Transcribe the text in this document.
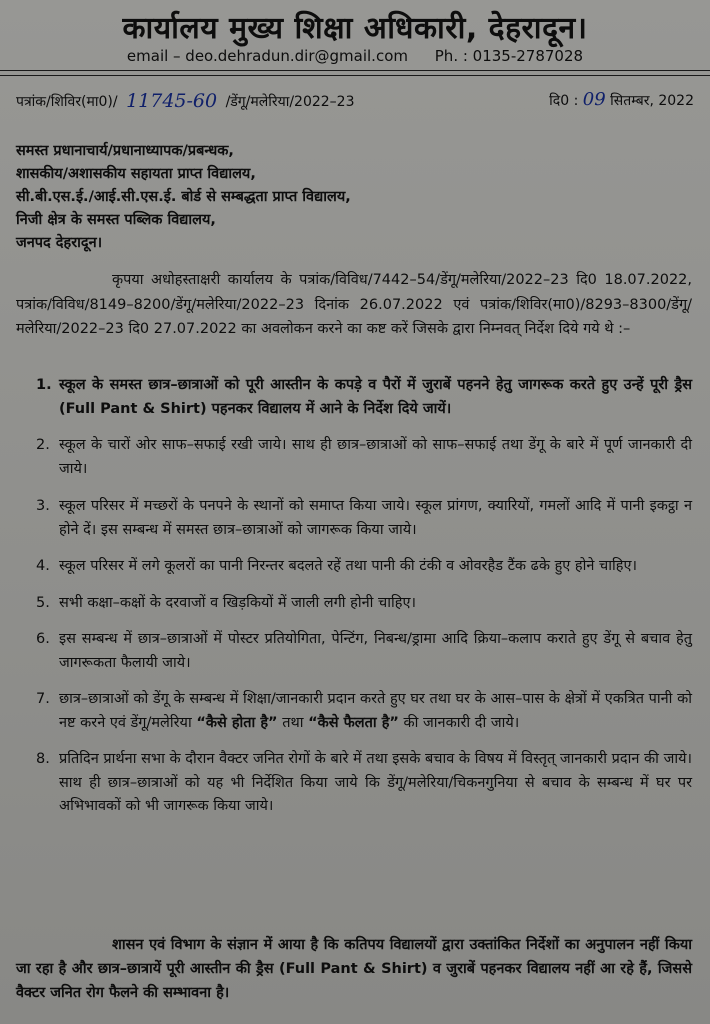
कार्यालय मुख्य शिक्षा अधिकारी, देहरादून।
email – deo.dehradun.dir@gmail.com Ph. : 0135-2787028
पत्रांक/शिविर(मा0)/ 11745-60 /डेंगू/मलेरिया/2022–23	दि0 : 09 सितम्बर, 2022
समस्त प्रधानाचार्य/प्रधानाध्यापक/प्रबन्धक,
शासकीय/अशासकीय सहायता प्राप्त विद्यालय,
सी.बी.एस.ई./आई.सी.एस.ई. बोर्ड से सम्बद्धता प्राप्त विद्यालय,
निजी क्षेत्र के समस्त पब्लिक विद्यालय,
जनपद देहरादून।
कृपया अधोहस्ताक्षरी कार्यालय के पत्रांक/विविध/7442–54/डेंगू/मलेरिया/2022–23 दि0 18.07.2022, पत्रांक/विविध/8149–8200/डेंगू/मलेरिया/2022–23 दिनांक 26.07.2022 एवं पत्रांक/शिविर(मा0)/8293–8300/डेंगू/मलेरिया/2022–23 दि0 27.07.2022 का अवलोकन करने का कष्ट करें जिसके द्वारा निम्नवत् निर्देश दिये गये थे :–
1. स्कूल के समस्त छात्र–छात्राओं को पूरी आस्तीन के कपड़े व पैरों में जुराबें पहनने हेतु जागरूक करते हुए उन्हें पूरी ड्रैस (Full Pant & Shirt) पहनकर विद्यालय में आने के निर्देश दिये जायें।
2. स्कूल के चारों ओर साफ–सफाई रखी जाये। साथ ही छात्र–छात्राओं को साफ–सफाई तथा डेंगू के बारे में पूर्ण जानकारी दी जाये।
3. स्कूल परिसर में मच्छरों के पनपने के स्थानों को समाप्त किया जाये। स्कूल प्रांगण, क्यारियों, गमलों आदि में पानी इकट्ठा न होने दें। इस सम्बन्ध में समस्त छात्र–छात्राओं को जागरूक किया जाये।
4. स्कूल परिसर में लगे कूलरों का पानी निरन्तर बदलते रहें तथा पानी की टंकी व ओवरहैड टैंक ढके हुए होने चाहिए।
5. सभी कक्षा–कक्षों के दरवाजों व खिड़कियों में जाली लगी होनी चाहिए।
6. इस सम्बन्ध में छात्र–छात्राओं में पोस्टर प्रतियोगिता, पेन्टिंग, निबन्ध/ड्रामा आदि क्रिया–कलाप कराते हुए डेंगू से बचाव हेतु जागरूकता फैलायी जाये।
7. छात्र–छात्राओं को डेंगू के सम्बन्ध में शिक्षा/जानकारी प्रदान करते हुए घर तथा घर के आस–पास के क्षेत्रों में एकत्रित पानी को नष्ट करने एवं डेंगू/मलेरिया “कैसे होता है” तथा “कैसे फैलता है” की जानकारी दी जाये।
8. प्रतिदिन प्रार्थना सभा के दौरान वैक्टर जनित रोगों के बारे में तथा इसके बचाव के विषय में विस्तृत् जानकारी प्रदान की जाये। साथ ही छात्र–छात्राओं को यह भी निर्देशित किया जाये कि डेंगू/मलेरिया/चिकनगुनिया से बचाव के सम्बन्ध में घर पर अभिभावकों को भी जागरूक किया जाये।
शासन एवं विभाग के संज्ञान में आया है कि कतिपय विद्यालयों द्वारा उक्तांकित निर्देशों का अनुपालन नहीं किया जा रहा है और छात्र–छात्रायें पूरी आस्तीन की ड्रैस (Full Pant & Shirt) व जुराबें पहनकर विद्यालय नहीं आ रहे हैं, जिससे वैक्टर जनित रोग फैलने की सम्भावना है।
